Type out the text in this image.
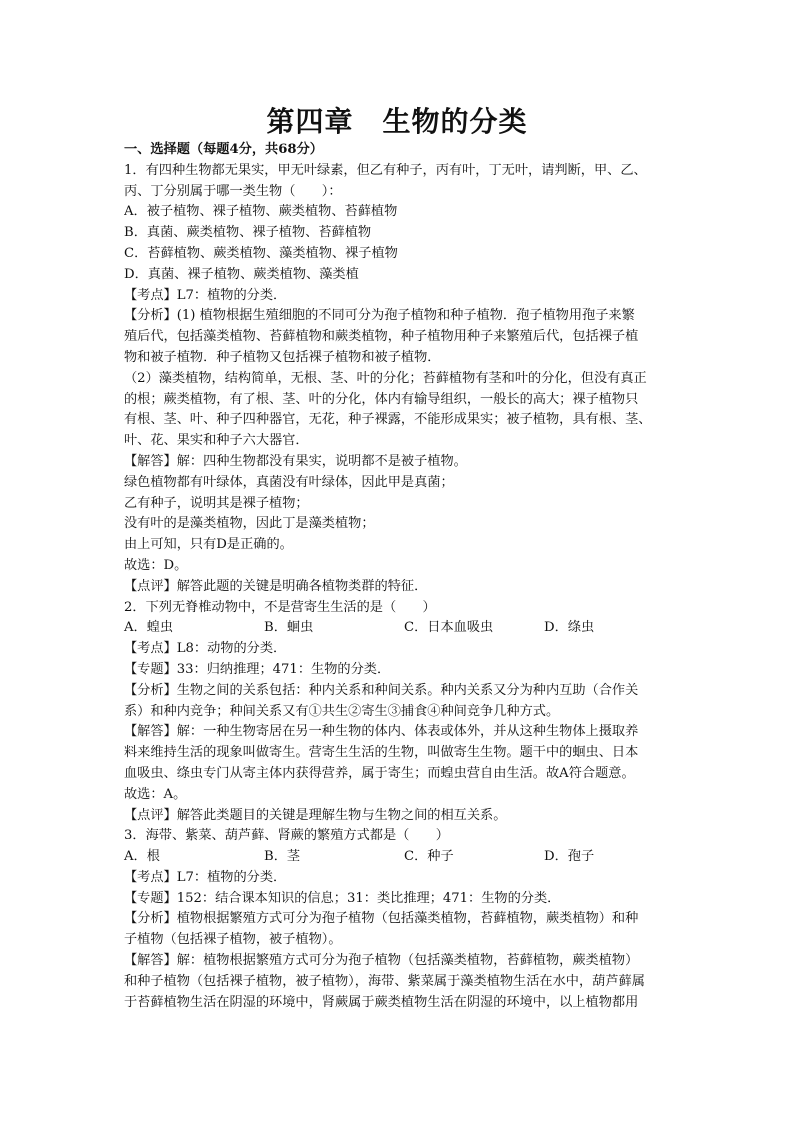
第四章　生物的分类
一、选择题（每题4分，共68分）
1．有四种生物都无果实，甲无叶绿素，但乙有种子，丙有叶，丁无叶，请判断，甲、乙、
丙、丁分别属于哪一类生物（　　）：
A．被子植物、裸子植物、蕨类植物、苔藓植物
B．真菌、蕨类植物、裸子植物、苔藓植物
C．苔藓植物、蕨类植物、藻类植物、裸子植物
D．真菌、裸子植物、蕨类植物、藻类植
【考点】L7：植物的分类．
【分析】(1) 植物根据生殖细胞的不同可分为孢子植物和种子植物．孢子植物用孢子来繁
殖后代，包括藻类植物、苔藓植物和蕨类植物，种子植物用种子来繁殖后代，包括裸子植
物和被子植物．种子植物又包括裸子植物和被子植物．
（2）藻类植物，结构简单，无根、茎、叶的分化；苔藓植物有茎和叶的分化，但没有真正
的根；蕨类植物，有了根、茎、叶的分化，体内有输导组织，一般长的高大；裸子植物只
有根、茎、叶、种子四种器官，无花，种子裸露，不能形成果实；被子植物，具有根、茎、
叶、花、果实和种子六大器官．
【解答】解：四种生物都没有果实，说明都不是被子植物。
绿色植物都有叶绿体，真菌没有叶绿体，因此甲是真菌；
乙有种子，说明其是裸子植物；
没有叶的是藻类植物，因此丁是藻类植物；
由上可知，只有D是正确的。
故选：D。
【点评】解答此题的关键是明确各植物类群的特征．
2．下列无脊椎动物中，不是营寄生生活的是（　　）
A．蝗虫	B．蛔虫	C．日本血吸虫	D．绦虫
【考点】L8：动物的分类．
【专题】33：归纳推理；471：生物的分类．
【分析】生物之间的关系包括：种内关系和种间关系。种内关系又分为种内互助（合作关
系）和种内竞争；种间关系又有①共生②寄生③捕食④种间竞争几种方式。
【解答】解：一种生物寄居在另一种生物的体内、体表或体外，并从这种生物体上摄取养
料来维持生活的现象叫做寄生。营寄生生活的生物，叫做寄生生物。题干中的蛔虫、日本
血吸虫、绦虫专门从寄主体内获得营养，属于寄生；而蝗虫营自由生活。故A符合题意。
故选：A。
【点评】解答此类题目的关键是理解生物与生物之间的相互关系。
3．海带、紫菜、葫芦藓、肾蕨的繁殖方式都是（　　）
A．根	B．茎	C．种子	D．孢子
【考点】L7：植物的分类．
【专题】152：结合课本知识的信息；31：类比推理；471：生物的分类．
【分析】植物根据繁殖方式可分为孢子植物（包括藻类植物，苔藓植物，蕨类植物）和种
子植物（包括裸子植物，被子植物）。
【解答】解：植物根据繁殖方式可分为孢子植物（包括藻类植物，苔藓植物，蕨类植物）
和种子植物（包括裸子植物，被子植物），海带、紫菜属于藻类植物生活在水中，葫芦藓属
于苔藓植物生活在阴湿的环境中，肾蕨属于蕨类植物生活在阴湿的环境中，以上植物都用
